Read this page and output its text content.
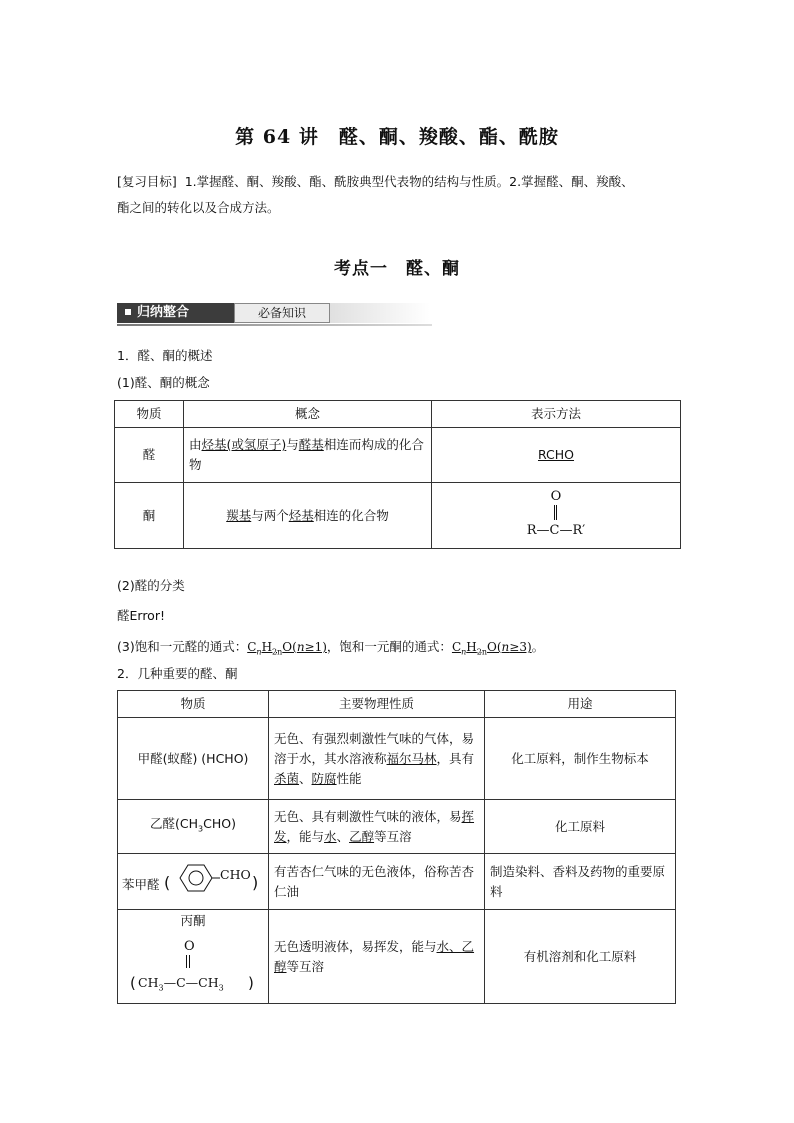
第 64 讲　醛、酮、羧酸、酯、酰胺
[复习目标] 1.掌握醛、酮、羧酸、酯、酰胺典型代表物的结构与性质。2.掌握醛、酮、羧酸、
酯之间的转化以及合成方法。
考点一　醛、酮
归纳整合	必备知识
1．醛、酮的概述
(1)醛、酮的概念
物质	概念	表示方法
醛	由烃基(或氢原子)与醛基相连而构成的化合物	RCHO
酮	羰基与两个烃基相连的化合物	O
R—C—R′
(2)醛的分类
醛Error!
(3)饱和一元醛的通式：$C_nH_{2n}O(n\ge 1)$，饱和一元酮的通式：$C_nH_{2n}O(n\ge 3)$。
2．几种重要的醛、酮
物质	主要物理性质	用途
甲醛(蚁醛) (HCHO)	无色、有强烈刺激性气味的气体，易溶于水，其水溶液称福尔马林，具有杀菌、防腐性能	化工原料，制作生物标本
乙醛$(CH_3CHO)$	无色、具有刺激性气味的液体，易挥发，能与水、乙醇等互溶	化工原料

苯甲醛 ( CHO )	有苦杏仁气味的无色液体，俗称苦杏仁油	制造染料、香料及药物的重要原料

丙酮
O
( $CH_3—C—CH_3$ )	无色透明液体，易挥发，能与水、乙醇等互溶	有机溶剂和化工原料
